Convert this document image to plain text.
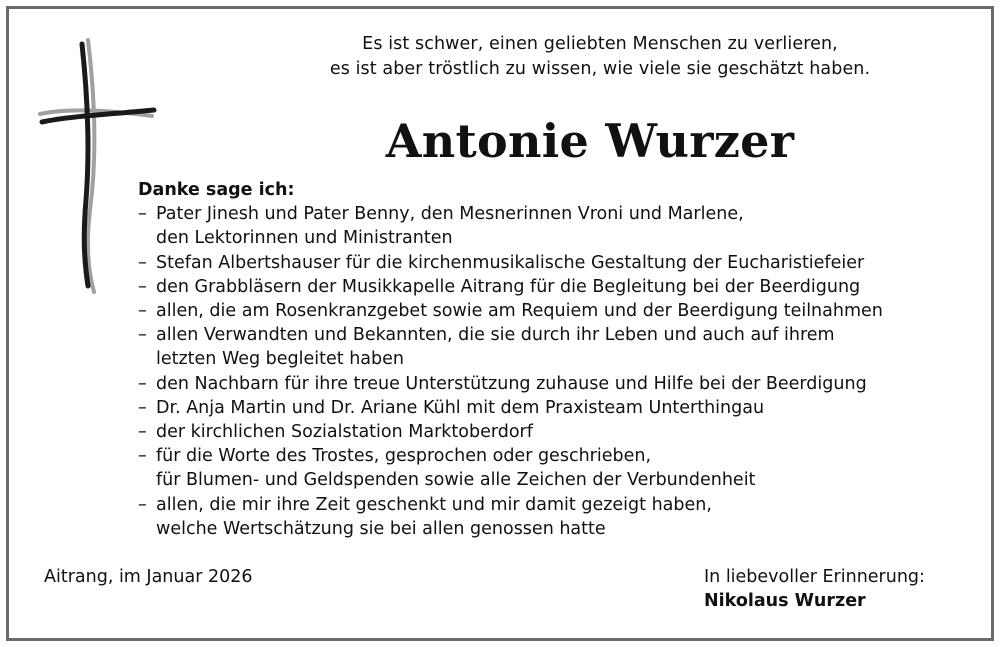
Es ist schwer, einen geliebten Menschen zu verlieren,
es ist aber tröstlich zu wissen, wie viele sie geschätzt haben.
Antonie Wurzer
Danke sage ich:
– Pater Jinesh und Pater Benny, den Mesnerinnen Vroni und Marlene,
den Lektorinnen und Ministranten
– Stefan Albertshauser für die kirchenmusikalische Gestaltung der Eucharistiefeier
– den Grabbläsern der Musikkapelle Aitrang für die Begleitung bei der Beerdigung
– allen, die am Rosenkranzgebet sowie am Requiem und der Beerdigung teilnahmen
– allen Verwandten und Bekannten, die sie durch ihr Leben und auch auf ihrem
letzten Weg begleitet haben
– den Nachbarn für ihre treue Unterstützung zuhause und Hilfe bei der Beerdigung
– Dr. Anja Martin und Dr. Ariane Kühl mit dem Praxisteam Unterthingau
– der kirchlichen Sozialstation Marktoberdorf
– für die Worte des Trostes, gesprochen oder geschrieben,
für Blumen- und Geldspenden sowie alle Zeichen der Verbundenheit
– allen, die mir ihre Zeit geschenkt und mir damit gezeigt haben,
welche Wertschätzung sie bei allen genossen hatte
Aitrang, im Januar 2026	In liebevoller Erinnerung:
Nikolaus Wurzer
